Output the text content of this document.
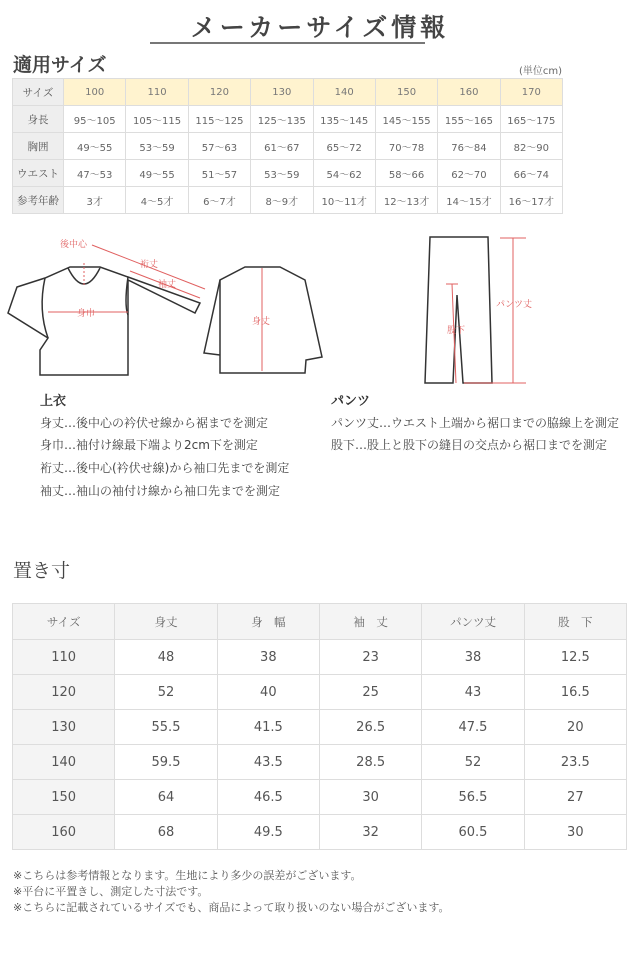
メーカーサイズ情報
適用サイズ	(単位cm)
サイズ	100	110	120	130	140	150	160	170
身長	95〜105	105〜115	115〜125	125〜135	135〜145	145〜155	155〜165	165〜175
胸囲	49〜55	53〜59	57〜63	61〜67	65〜72	70〜78	76〜84	82〜90
ウエスト	47〜53	49〜55	51〜57	53〜59	54〜62	58〜66	62〜70	66〜74
参考年齢	3才	4〜5才	6〜7才	8〜9才	10〜11才	12〜13才	14〜15才	16〜17才
後中心
裄丈
袖丈
身巾
身丈
パンツ丈
股下
上衣
身丈…後中心の衿伏せ線から裾までを測定
身巾…袖付け線最下端より2cm下を測定
裄丈…後中心(衿伏せ線)から袖口先までを測定
袖丈…袖山の袖付け線から袖口先までを測定
パンツ
パンツ丈…ウエスト上端から裾口までの脇線上を測定
股下…股上と股下の縫目の交点から裾口までを測定
置き寸
サイズ	身丈	身　幅	袖　丈	パンツ丈	股　下
110	48	38	23	38	12.5
120	52	40	25	43	16.5
130	55.5	41.5	26.5	47.5	20
140	59.5	43.5	28.5	52	23.5
150	64	46.5	30	56.5	27
160	68	49.5	32	60.5	30
※こちらは参考情報となります。生地により多少の誤差がございます。
※平台に平置きし、測定した寸法です。
※こちらに記載されているサイズでも、商品によって取り扱いのない場合がございます。
